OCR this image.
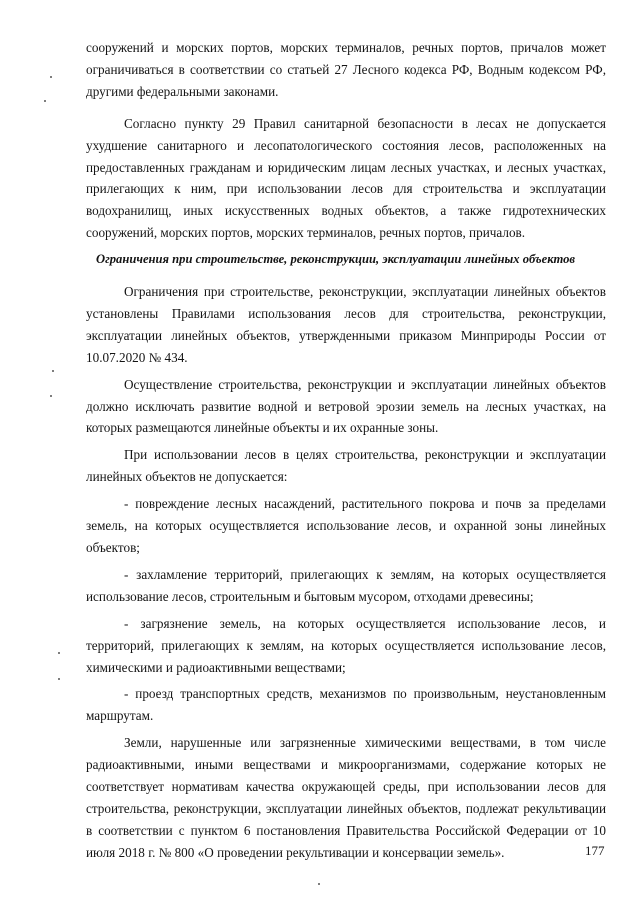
сооружений и морских портов, морских терминалов, речных портов, причалов может ограничиваться в соответствии со статьей 27 Лесного кодекса РФ, Водным кодексом РФ, другими федеральными законами.

Согласно пункту 29 Правил санитарной безопасности в лесах не допускается ухудшение санитарного и лесопатологического состояния лесов, расположенных на предоставленных гражданам и юридическим лицам лесных участках, и лесных участках, прилегающих к ним, при использовании лесов для строительства и эксплуатации водохранилищ, иных искусственных водных объектов, а также гидротехнических сооружений, морских портов, морских терминалов, речных портов, причалов.

Ограничения при строительстве, реконструкции, эксплуатации линейных объектов

Ограничения при строительстве, реконструкции, эксплуатации линейных объектов установлены Правилами использования лесов для строительства, реконструкции, эксплуатации линейных объектов, утвержденными приказом Минприроды России от 10.07.2020 № 434.

Осуществление строительства, реконструкции и эксплуатации линейных объектов должно исключать развитие водной и ветровой эрозии земель на лесных участках, на которых размещаются линейные объекты и их охранные зоны.

При использовании лесов в целях строительства, реконструкции и эксплуатации линейных объектов не допускается:

- повреждение лесных насаждений, растительного покрова и почв за пределами земель, на которых осуществляется использование лесов, и охранной зоны линейных объектов;

- захламление территорий, прилегающих к землям, на которых осуществляется использование лесов, строительным и бытовым мусором, отходами древесины;

- загрязнение земель, на которых осуществляется использование лесов, и территорий, прилегающих к землям, на которых осуществляется использование лесов, химическими и радиоактивными веществами;

- проезд транспортных средств, механизмов по произвольным, неустановленным маршрутам.

Земли, нарушенные или загрязненные химическими веществами, в том числе радиоактивными, иными веществами и микроорганизмами, содержание которых не соответствует нормативам качества окружающей среды, при использовании лесов для строительства, реконструкции, эксплуатации линейных объектов, подлежат рекультивации в соответствии с пунктом 6 постановления Правительства Российской Федерации от 10 июля 2018 г. № 800 «О проведении рекультивации и консервации земель».	177
